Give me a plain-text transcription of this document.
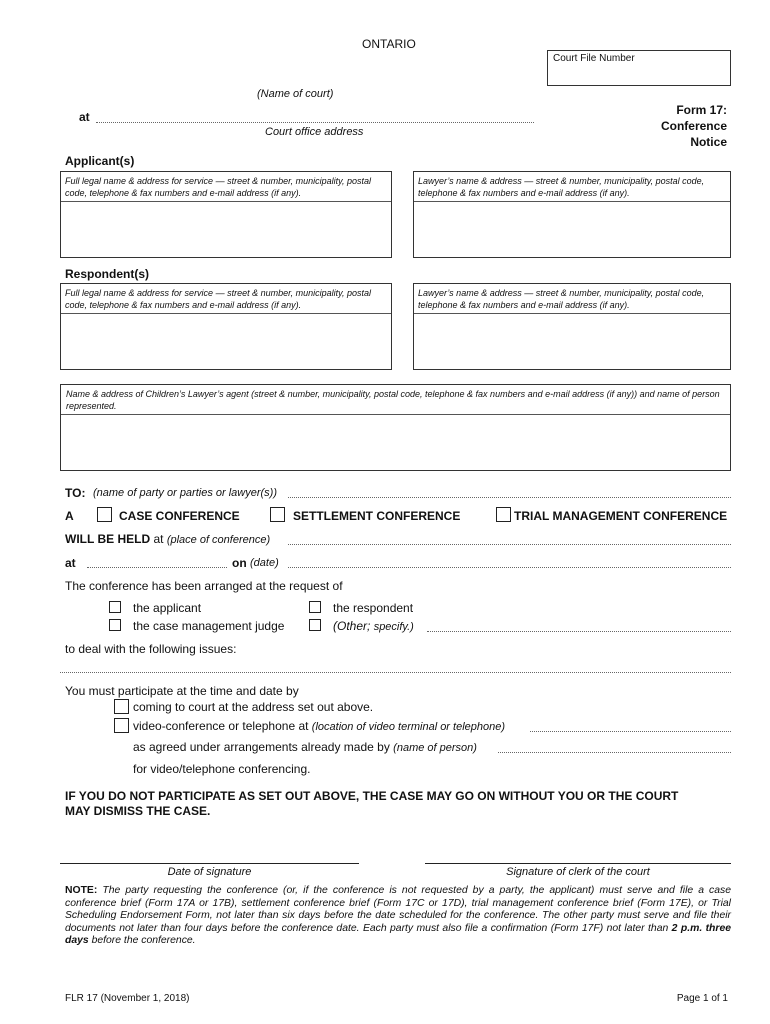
ONTARIO
Court File Number
(Name of court)
at
Court office address
Form 17:
Conference
Notice
Applicant(s)
Full legal name & address for service — street & number, municipality, postal code, telephone & fax numbers and e-mail address (if any).
Lawyer’s name & address — street & number, municipality, postal code, telephone & fax numbers and e-mail address (if any).
Respondent(s)
Full legal name & address for service — street & number, municipality, postal code, telephone & fax numbers and e-mail address (if any).
Lawyer’s name & address — street & number, municipality, postal code, telephone & fax numbers and e-mail address (if any).
Name & address of Children’s Lawyer’s agent (street & number, municipality, postal code, telephone & fax numbers and e-mail address (if any)) and name of person represented.
TO: (name of party or parties or lawyer(s))
A	CASE CONFERENCE	SETTLEMENT CONFERENCE	TRIAL MANAGEMENT CONFERENCE
WILL BE HELD at (place of conference)
at	on (date)
The conference has been arranged at the request of
the applicant	the respondent
the case management judge	(Other; specify.)
to deal with the following issues:
You must participate at the time and date by
coming to court at the address set out above.
video-conference or telephone at (location of video terminal or telephone)
as agreed under arrangements already made by (name of person)
for video/telephone conferencing.
IF YOU DO NOT PARTICIPATE AS SET OUT ABOVE, THE CASE MAY GO ON WITHOUT YOU OR THE COURT
MAY DISMISS THE CASE.
Date of signature	Signature of clerk of the court
NOTE: The party requesting the conference (or, if the conference is not requested by a party, the applicant) must serve and file a case conference brief (Form 17A or 17B), settlement conference brief (Form 17C or 17D), trial management conference brief (Form 17E), or Trial Scheduling Endorsement Form, not later than six days before the date scheduled for the conference. The other party must serve and file their documents not later than four days before the conference date. Each party must also file a confirmation (Form 17F) not later than 2 p.m. three days before the conference.
FLR 17 (November 1, 2018)	Page 1 of 1
